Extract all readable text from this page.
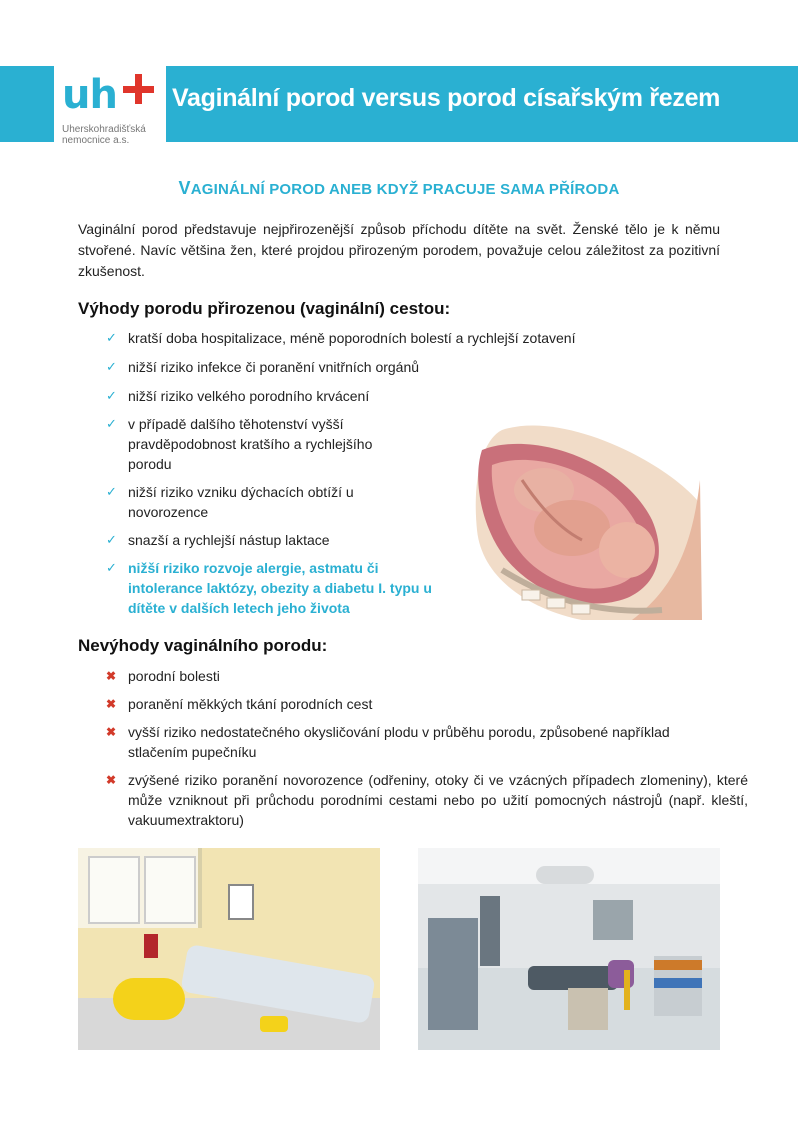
uh
Uherskohradišťská nemocnice a.s.
Vaginální porod versus porod císařským řezem
VAGINÁLNÍ POROD ANEB KDYŽ PRACUJE SAMA PŘÍRODA
Vaginální porod představuje nejpřirozenější způsob příchodu dítěte na svět. Ženské tělo je k němu stvořené. Navíc většina žen, které projdou přirozeným porodem, považuje celou záležitost za pozitivní zkušenost.
Výhody porodu přirozenou (vaginální) cestou:
✓ kratší doba hospitalizace, méně poporodních bolestí a rychlejší zotavení
✓ nižší riziko infekce či poranění vnitřních orgánů
✓ nižší riziko velkého porodního krvácení
✓ v případě dalšího těhotenství vyšší pravděpodobnost kratšího a rychlejšího porodu
✓ nižší riziko vzniku dýchacích obtíží u novorozence
✓ snazší a rychlejší nástup laktace
✓ nižší riziko rozvoje alergie, astmatu či intolerance laktózy, obezity a diabetu I. typu u dítěte v dalších letech jeho života
Nevýhody vaginálního porodu:
✖ porodní bolesti
✖ poranění měkkých tkání porodních cest
✖ vyšší riziko nedostatečného okysličování plodu v průběhu porodu, způsobené například stlačením pupečníku
✖ zvýšené riziko poranění novorozence (odřeniny, otoky či ve vzácných případech zlomeniny), které může vzniknout při průchodu porodními cestami nebo po užití pomocných nástrojů (např. kleští, vakuumextraktoru)
